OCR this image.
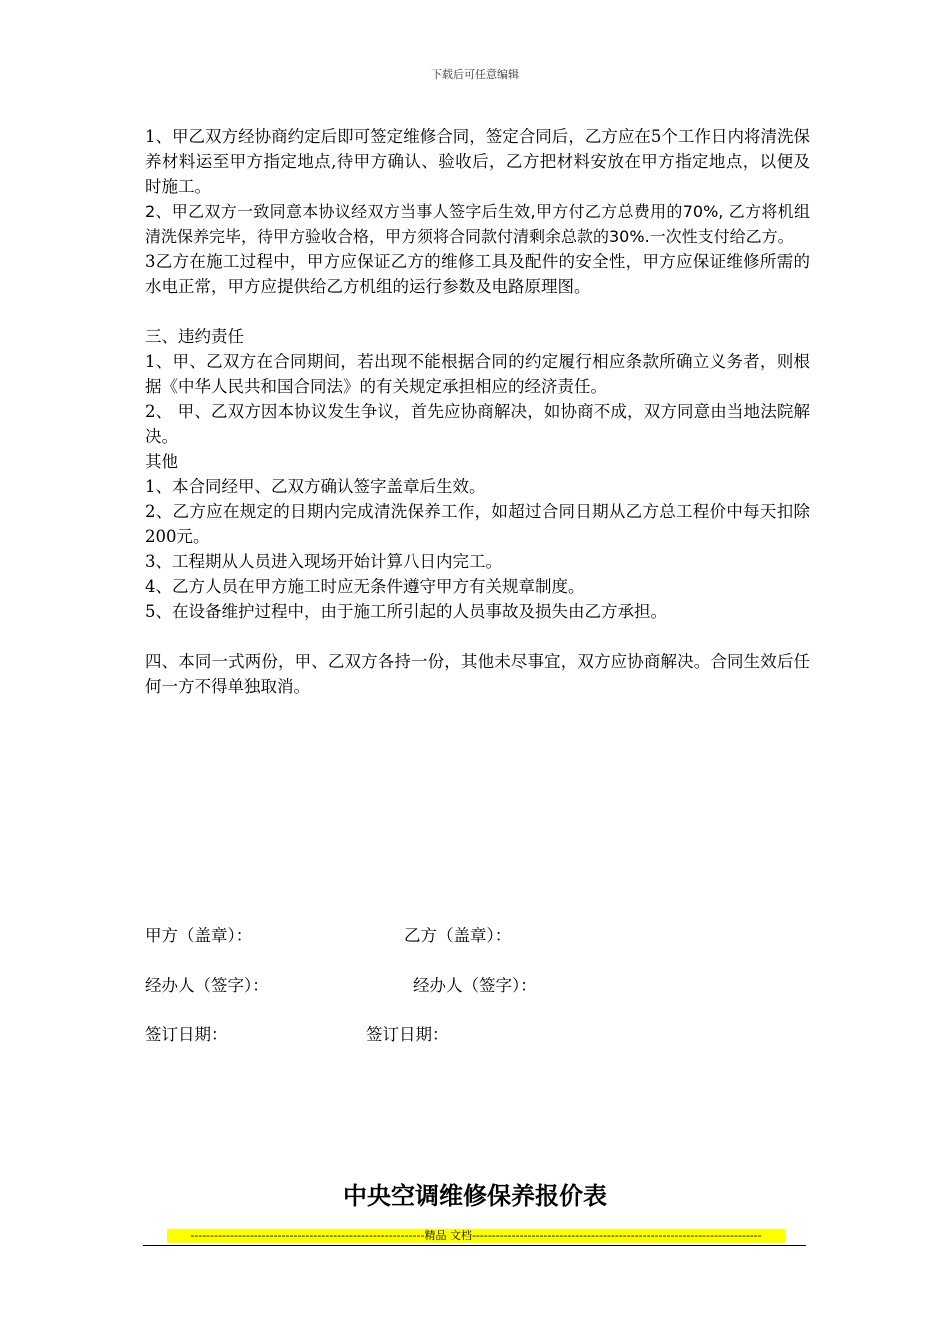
下载后可任意编辑

1、甲乙双方经协商约定后即可签定维修合同，签定合同后，乙方应在5个工作日内将清洗保养材料运至甲方指定地点,待甲方确认、验收后，乙方把材料安放在甲方指定地点，以便及时施工。

2、甲乙双方一致同意本协议经双方当事人签字后生效,甲方付乙方总费用的70%, 乙方将机组清洗保养完毕，待甲方验收合格，甲方须将合同款付清剩余总款的30%.一次性支付给乙方。

3乙方在施工过程中，甲方应保证乙方的维修工具及配件的安全性，甲方应保证维修所需的水电正常，甲方应提供给乙方机组的运行参数及电路原理图。

三、违约责任

1、甲、乙双方在合同期间，若出现不能根据合同的约定履行相应条款所确立义务者，则根据《中华人民共和国合同法》的有关规定承担相应的经济责任。

2、 甲、乙双方因本协议发生争议，首先应协商解决，如协商不成，双方同意由当地法院解决。

其他

1、本合同经甲、乙双方确认签字盖章后生效。

2、乙方应在规定的日期内完成清洗保养工作，如超过合同日期从乙方总工程价中每天扣除200元。

3、工程期从人员进入现场开始计算八日内完工。

4、乙方人员在甲方施工时应无条件遵守甲方有关规章制度。

5、在设备维护过程中，由于施工所引起的人员事故及损失由乙方承担。

四、本同一式两份，甲、乙双方各持一份，其他未尽事宜，双方应协商解决。合同生效后任何一方不得单独取消。

甲方（盖章）：	乙方（盖章）：
经办人（签字）：	经办人（签字）：
签订日期：	签订日期：
中央空调维修保养报价表
-----------------------------------------------------------精品 文档-------------------------------------------------------------------------
